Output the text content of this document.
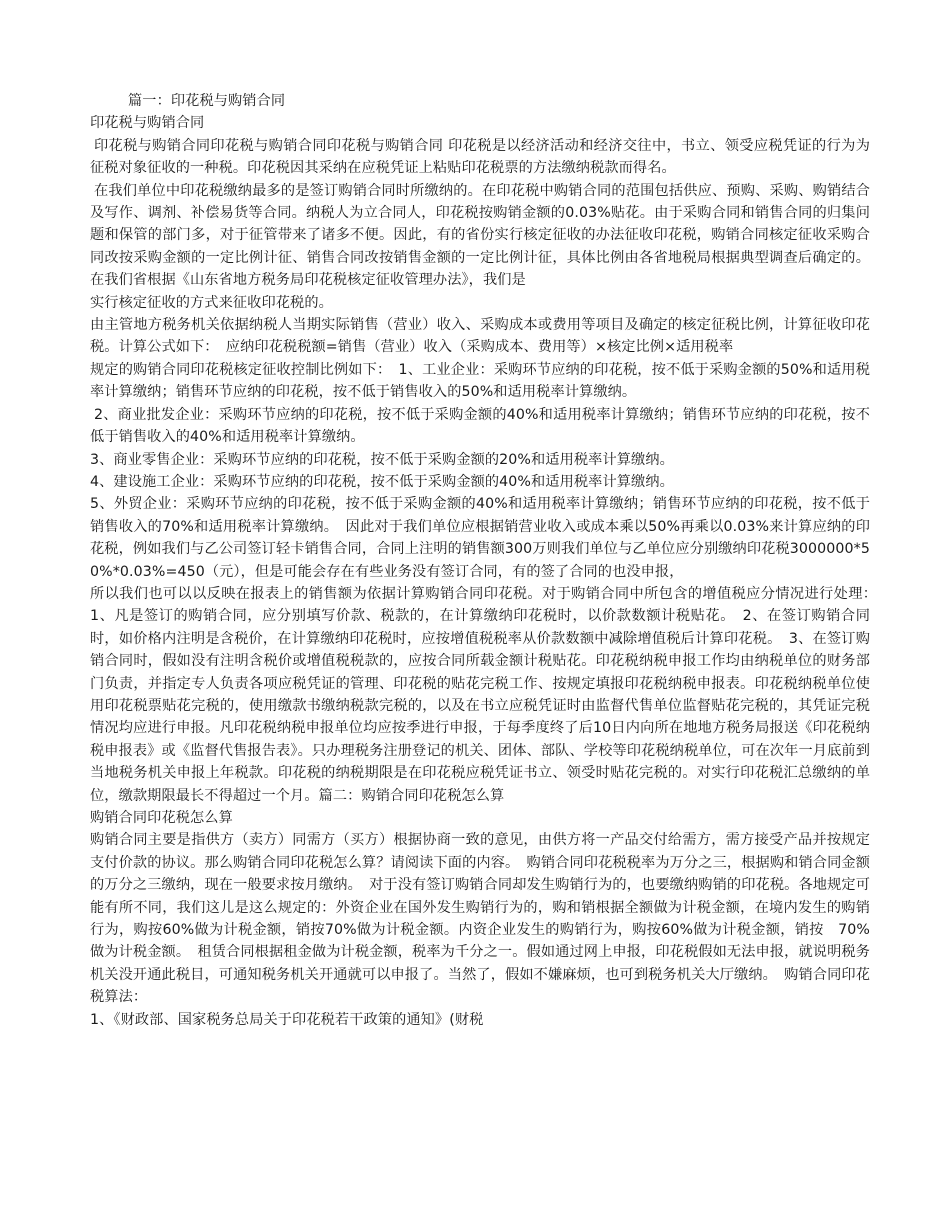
篇一：印花税与购销合同

印花税与购销合同

印花税与购销合同印花税与购销合同印花税与购销合同 印花税是以经济活动和经济交往中，书立、领受应税凭证的行为为征税对象征收的一种税。印花税因其采纳在应税凭证上粘贴印花税票的方法缴纳税款而得名。

在我们单位中印花税缴纳最多的是签订购销合同时所缴纳的。在印花税中购销合同的范围包括供应、预购、采购、购销结合及写作、调剂、补偿易货等合同。纳税人为立合同人，印花税按购销金额的0.03%贴花。由于采购合同和销售合同的归集问题和保管的部门多，对于征管带来了诸多不便。因此，有的省份实行核定征收的办法征收印花税，购销合同核定征收采购合同改按采购金额的一定比例计征、销售合同改按销售金额的一定比例计征，具体比例由各省地税局根据典型调查后确定的。在我们省根据《山东省地方税务局印花税核定征收管理办法》，我们是

实行核定征收的方式来征收印花税的。

由主管地方税务机关依据纳税人当期实际销售（营业）收入、采购成本或费用等项目及确定的核定征税比例，计算征收印花税。计算公式如下：　应纳印花税税额=销售（营业）收入（采购成本、费用等）×核定比例×适用税率

规定的购销合同印花税核定征收控制比例如下：　1、工业企业：采购环节应纳的印花税，按不低于采购金额的50%和适用税率计算缴纳；销售环节应纳的印花税，按不低于销售收入的50%和适用税率计算缴纳。

2、商业批发企业：采购环节应纳的印花税，按不低于采购金额的40%和适用税率计算缴纳；销售环节应纳的印花税，按不低于销售收入的40%和适用税率计算缴纳。

3、商业零售企业：采购环节应纳的印花税，按不低于采购金额的20%和适用税率计算缴纳。

4、建设施工企业：采购环节应纳的印花税，按不低于采购金额的40%和适用税率计算缴纳。

5、外贸企业：采购环节应纳的印花税，按不低于采购金额的40%和适用税率计算缴纳；销售环节应纳的印花税，按不低于销售收入的70%和适用税率计算缴纳。　因此对于我们单位应根据销营业收入或成本乘以50%再乘以0.03%来计算应纳的印花税，例如我们与乙公司签订轻卡销售合同，合同上注明的销售额300万则我们单位与乙单位应分别缴纳印花税3000000*50%*0.03%=450（元），但是可能会存在有些业务没有签订合同，有的签了合同的也没申报，

所以我们也可以以反映在报表上的销售额为依据计算购销合同印花税。对于购销合同中所包含的增值税应分情况进行处理：　1、凡是签订的购销合同，应分别填写价款、税款的，在计算缴纳印花税时，以价款数额计税贴花。　2、在签订购销合同时，如价格内注明是含税价，在计算缴纳印花税时，应按增值税税率从价款数额中减除增值税后计算印花税。　3、在签订购销合同时，假如没有注明含税价或增值税税款的，应按合同所载金额计税贴花。印花税纳税申报工作均由纳税单位的财务部门负责，并指定专人负责各项应税凭证的管理、印花税的贴花完税工作、按规定填报印花税纳税申报表。印花税纳税单位使用印花税票贴花完税的，使用缴款书缴纳税款完税的，以及在书立应税凭证时由监督代售单位监督贴花完税的，其凭证完税情况均应进行申报。凡印花税纳税申报单位均应按季进行申报，于每季度终了后10日内向所在地地方税务局报送《印花税纳税申报表》或《监督代售报告表》。只办理税务注册登记的机关、团体、部队、学校等印花税纳税单位，可在次年一月底前到当地税务机关申报上年税款。印花税的纳税期限是在印花税应税凭证书立、领受时贴花完税的。对实行印花税汇总缴纳的单位，缴款期限最长不得超过一个月。篇二：购销合同印花税怎么算

购销合同印花税怎么算

购销合同主要是指供方（卖方）同需方（买方）根据协商一致的意见，由供方将一产品交付给需方，需方接受产品并按规定支付价款的协议。那么购销合同印花税怎么算？请阅读下面的内容。　购销合同印花税税率为万分之三，根据购和销合同金额的万分之三缴纳，现在一般要求按月缴纳。　对于没有签订购销合同却发生购销行为的，也要缴纳购销的印花税。各地规定可能有所不同，我们这儿是这么规定的：外资企业在国外发生购销行为的，购和销根据全额做为计税金额，在境内发生的购销行为，购按60%做为计税金额，销按70%做为计税金额。内资企业发生的购销行为，购按60%做为计税金额，销按　70%做为计税金额。　租赁合同根据租金做为计税金额，税率为千分之一。假如通过网上申报，印花税假如无法申报，就说明税务机关没开通此税目，可通知税务机关开通就可以申报了。当然了，假如不嫌麻烦，也可到税务机关大厅缴纳。　购销合同印花税算法：

1、《财政部、国家税务总局关于印花税若干政策的通知》(财税
